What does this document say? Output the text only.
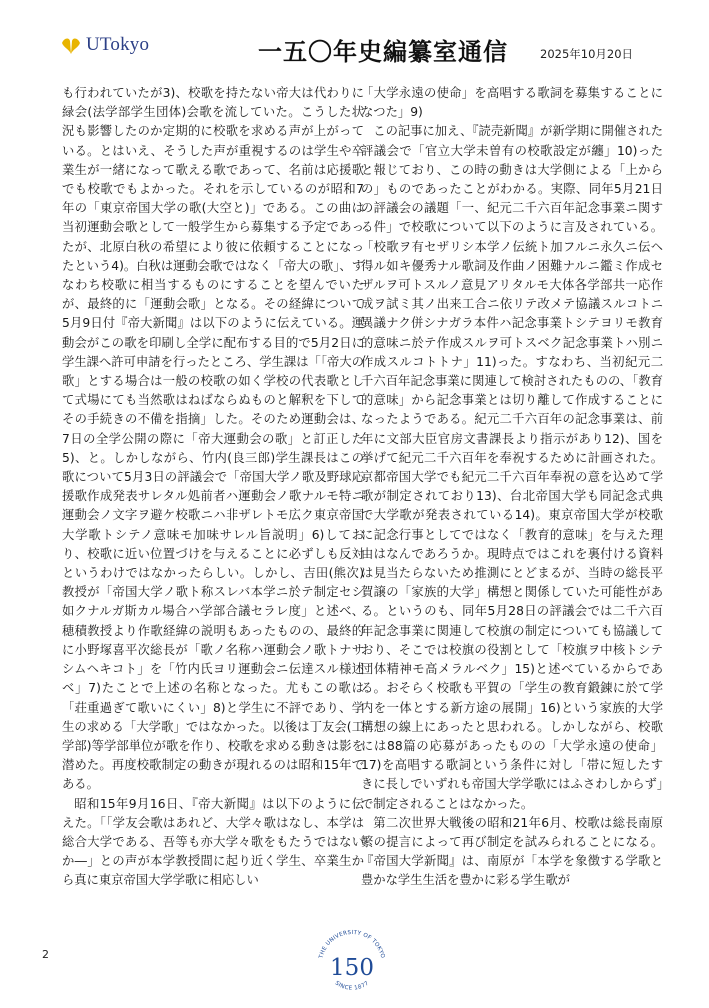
UTokyo	一五〇年史編纂室通信	2025年10月20日

も行われていたが3)、校歌を持たない帝大は代わりに緑会(法学部学生団体)会歌を流していた。こうした状況も影響したのか定期的に校歌を求める声が上がっている。とはいえ、そうした声が重視するのは学生や卒業生が一緒になって歌える歌であって、名前は応援歌でも校歌でもよかった。それを示しているのが昭和7年の「東京帝国大学の歌(大空と)」である。この曲は当初運動会歌として一般学生から募集する予定であったが、北原白秋の希望により彼に依頼することになったという4)。白秋は運動会歌ではなく「帝大の歌」、すなわち校歌に相当するものにすることを望んでいたが、最終的に「運動会歌」となる。その経緯について5月9日付『帝大新聞』は以下のように伝えている。運動会がこの歌を印刷し全学に配布する目的で5月2日に学生課へ許可申請を行ったところ、学生課は「「帝大の歌」とする場合は一般の校歌の如く学校の代表歌として式場にても当然歌はねばならぬものと解釈を下してその手続きの不備を指摘」した。そのため運動会は、7日の全学公開の際に「帝大運動会の歌」と訂正した5)、と。しかしながら、竹内(良三郎)学生課長はこの歌について5月3日の評議会で「帝国大学ノ歌及野球応援歌作成発表サレタル処前者ハ運動会ノ歌ナルモ特ニ運動会ノ文字ヲ避ケ校歌ニハ非ザレトモ広ク東京帝国大学歌トシテノ意味モ加味サレル旨説明」6)しており、校歌に近い位置づけを与えることに必ずしも反対というわけではなかったらしい。しかし、吉田(熊次)教授が「帝国大学ノ歌ト称スレバ本学ニ於テ制定セシ如クナルガ斯カル場合ハ学部合議セラレ度」と述べ、穂積教授より作歌経緯の説明もあったものの、最終的に小野塚喜平次総長が「歌ノ名称ハ運動会ノ歌トナサシムヘキコト」を「竹内氏ヨリ運動会ニ伝達スル様述ベ」7)たことで上述の名称となった。尤もこの歌は「荘重過ぎて歌いにくい」8)と学生に不評であり、学生の求める「大学歌」ではなかった。以後は丁友会(工学部)等学部単位が歌を作り、校歌を求める動きは影を潜めた。再度校歌制定の動きが現れるのは昭和15年である。

昭和15年9月16日、『帝大新聞』は以下のように伝えた。「「学友会歌はあれど、大学々歌はなし、本学は総合大学である、吾等も亦大学々歌をもたうではないか―」との声が本学教授間に起り近く学生、卒業生から真に東京帝国大学学歌に相応しい

「大学永遠の使命」を高唱する歌詞を募集することになつた」9)

この記事に加え、『読売新聞』が新学期に開催された評議会で「官立大学未曽有の校歌設定が纏」10)ったと報じており、この時の動きは大学側による「上からの」ものであったことがわかる。実際、同年5月21日の評議会の議題「一、紀元二千六百年記念事業ニ関する件」で校歌について以下のように言及されている。「校歌ヲ有セザリシ本学ノ伝統ト加フルニ永久ニ伝ヘ得ル如キ優秀ナル歌詞及作曲ノ困難ナルニ鑑ミ作成セザルヲ可トスルノ意見アリタルモ大体各学部共一応作成ヲ試ミ其ノ出来工合ニ依リテ改メテ協議スルコトニ異議ナク併シナガラ本件ハ記念事業トシテヨリモ教育的意味ニ於テ作成スルヲ可トスベク記念事業トハ別ニ作成スルコトトナ」11)った。すなわち、当初紀元二千六百年記念事業に関連して検討されたものの、「教育的意味」から記念事業とは切り離して作成することになったようである。紀元二千六百年の記念事業は、前年に文部大臣官房文書課長より指示があり12)、国を挙げて紀元二千六百年を奉祝するために計画された。京都帝国大学でも紀元二千六百年奉祝の意を込めて学歌が制定されており13)、台北帝国大学も同記念式典で大学歌が発表されている14)。東京帝国大学が校歌に記念行事としてではなく「教育的意味」を与えた理由はなんであろうか。現時点ではこれを裏付ける資料は見当たらないため推測にとどまるが、当時の総長平賀譲の「家族的大学」構想と関係していた可能性がある。というのも、同年5月28日の評議会では二千六百年記念事業に関連して校旗の制定についても協議しており、そこでは校旗の役割として「校旗ヲ中核トシテ団体精神モ高メラルベク」15)と述べているからである。おそらく校歌も平賀の「学生の教育鍛錬に於て学内を一体とする新方途の展開」16)という家族的大学構想の線上にあったと思われる。しかしながら、校歌には88篇の応募があったものの「大学永遠の使命」17)を高唱する歌詞という条件に対し「帯に短したすきに長しでいずれも帝国大学学歌にはふさわしからず」で制定されることはなかった。

第二次世界大戦後の昭和21年6月、校歌は総長南原繁の提言によって再び制定を試みられることになる。『帝国大学新聞』は、南原が「本学を象徴する学歌と豊かな学生生活を豊かに彩る学生歌が

2	THE UNIVERSITY OF TOKYO
150
SINCE 1877
